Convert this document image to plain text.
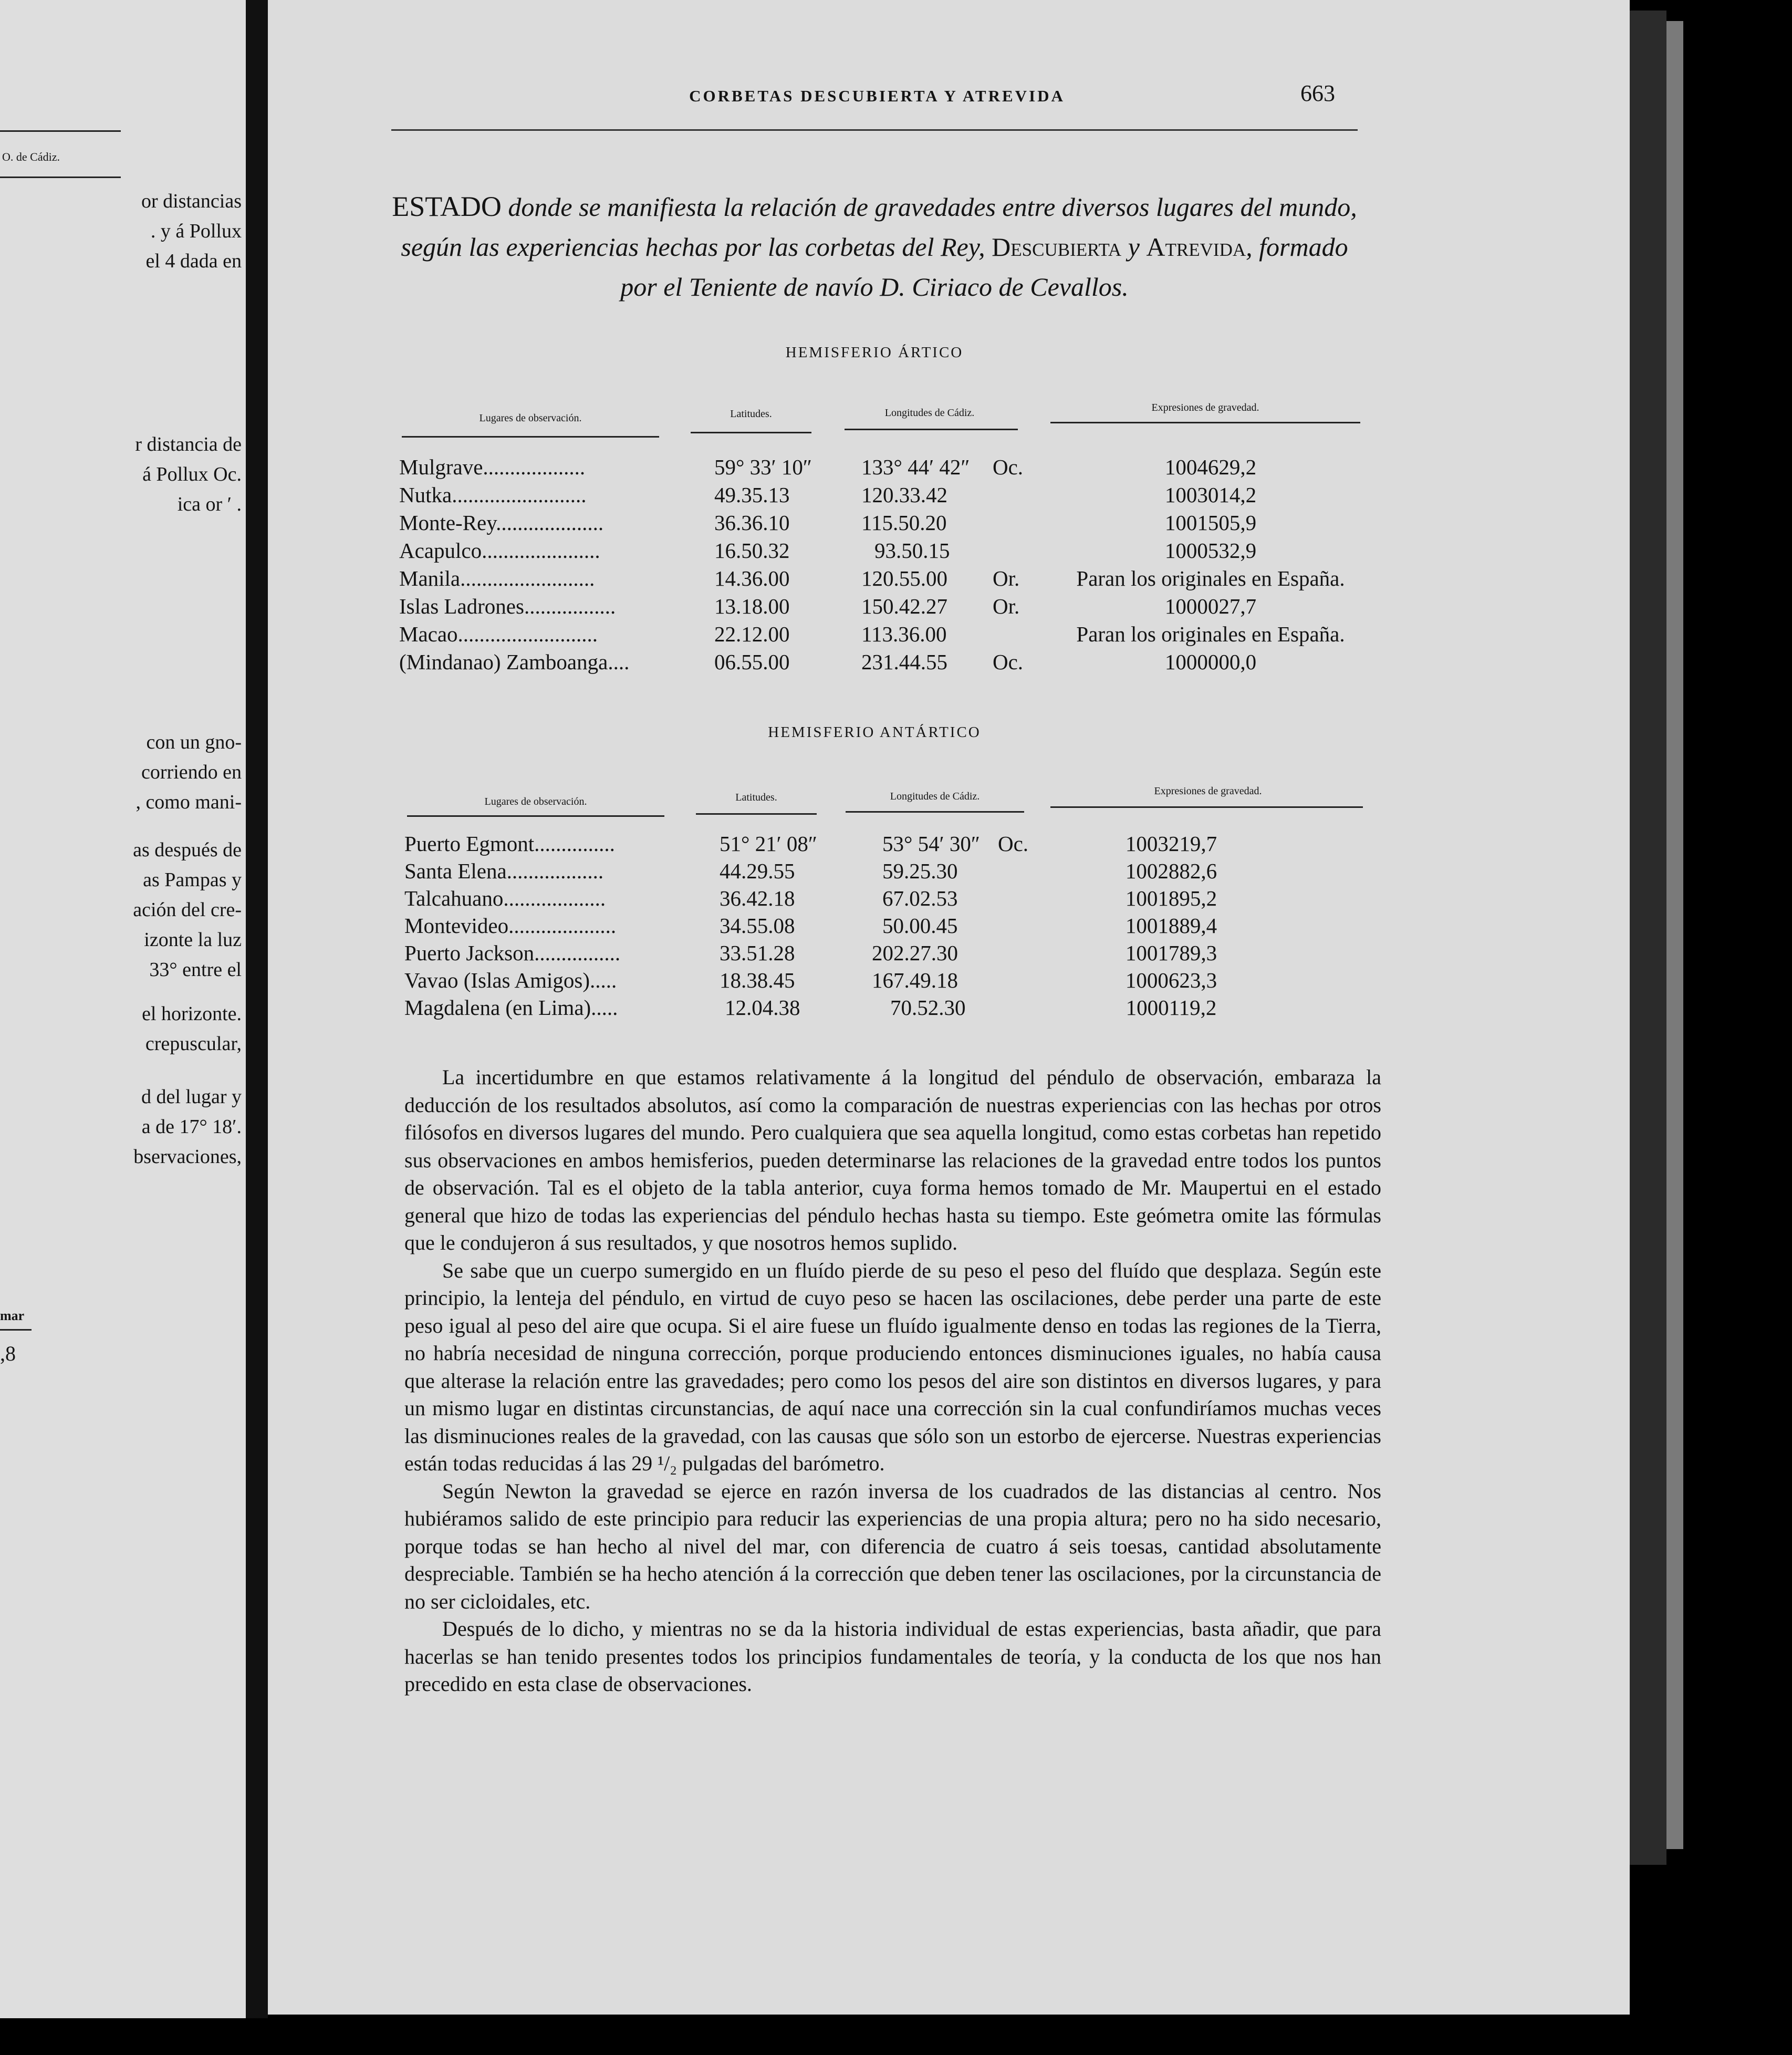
O. de Cádiz.
or distancias
. y á Pollux
el 4 dada en
r distancia de
á Pollux Oc.
ica or ′ .
con un gno-
corriendo en
, como mani-
as después de
as Pampas y
ación del cre-
izonte la luz
33° entre el
el horizonte.
crepuscular,
d del lugar y
a de 17° 18′.
bservaciones,
mar
,8
CORBETAS DESCUBIERTA Y ATREVIDA	663
ESTADO donde se manifiesta la relación de gravedades entre diversos lugares del mundo, según las experiencias hechas por las corbetas del Rey, Descubierta y Atrevida, formado por el Teniente de navío D. Ciriaco de Cevallos.
HEMISFERIO ÁRTICO
Lugares de observación.	Latitudes.	Longitudes de Cádiz.	Expresiones de gravedad.
Mulgrave...................	59° 33′ 10″ 133° 44′ 42″ Oc.	1004629,2
Nutka.........................	49.35.13	120.33.42	1003014,2
Monte-Rey....................	36.36.10	115.50.20	1001505,9
Acapulco......................	16.50.32	93.50.15	1000532,9
Manila.........................	14.36.00	120.55.00 Or.	Paran los originales en España.
Islas Ladrones.................	13.18.00	150.42.27 Or.	1000027,7
Macao..........................	22.12.00	113.36.00	Paran los originales en España.
(Mindanao) Zamboanga....	06.55.00	231.44.55 Oc.	1000000,0
HEMISFERIO ANTÁRTICO
Lugares de observación.	Latitudes.	Longitudes de Cádiz.	Expresiones de gravedad.
Puerto Egmont...............	51° 21′ 08″	53° 54′ 30″ Oc.	1003219,7
Santa Elena..................	44.29.55	59.25.30	1002882,6
Talcahuano...................	36.42.18	67.02.53	1001895,2
Montevideo....................	34.55.08	50.00.45	1001889,4
Puerto Jackson................	33.51.28	202.27.30	1001789,3
Vavao (Islas Amigos).....	18.38.45	167.49.18	1000623,3
Magdalena (en Lima).....	12.04.38	70.52.30	1000119,2

La incertidumbre en que estamos relativamente á la longitud del péndulo de observación, embaraza la deducción de los resultados absolutos, así como la comparación de nuestras experiencias con las hechas por otros filósofos en diversos lugares del mundo. Pero cualquiera que sea aquella longitud, como estas corbetas han repetido sus observaciones en ambos hemisferios, pueden determinarse las relaciones de la gravedad entre todos los puntos de observación. Tal es el objeto de la tabla anterior, cuya forma hemos tomado de Mr. Maupertui en el estado general que hizo de todas las experiencias del péndulo hechas hasta su tiempo. Este geómetra omite las fórmulas que le condujeron á sus resultados, y que nosotros hemos suplido.

Se sabe que un cuerpo sumergido en un fluído pierde de su peso el peso del fluído que desplaza. Según este principio, la lenteja del péndulo, en virtud de cuyo peso se hacen las oscilaciones, debe perder una parte de este peso igual al peso del aire que ocupa. Si el aire fuese un fluído igualmente denso en todas las regiones de la Tierra, no habría necesidad de ninguna corrección, porque produciendo entonces disminuciones iguales, no había causa que alterase la relación entre las gravedades; pero como los pesos del aire son distintos en diversos lugares, y para un mismo lugar en distintas circunstancias, de aquí nace una corrección sin la cual confundiríamos muchas veces las disminuciones reales de la gravedad, con las causas que sólo son un estorbo de ejercerse. Nuestras experiencias están todas reducidas á las 29 ¹/₂ pulgadas del barómetro.

Según Newton la gravedad se ejerce en razón inversa de los cuadrados de las distancias al centro. Nos hubiéramos salido de este principio para reducir las experiencias de una propia altura; pero no ha sido necesario, porque todas se han hecho al nivel del mar, con diferencia de cuatro á seis toesas, cantidad absolutamente despreciable. También se ha hecho atención á la corrección que deben tener las oscilaciones, por la circunstancia de no ser cicloidales, etc.

Después de lo dicho, y mientras no se da la historia individual de estas experiencias, basta añadir, que para hacerlas se han tenido presentes todos los principios fundamentales de teoría, y la conducta de los que nos han precedido en esta clase de observaciones.
